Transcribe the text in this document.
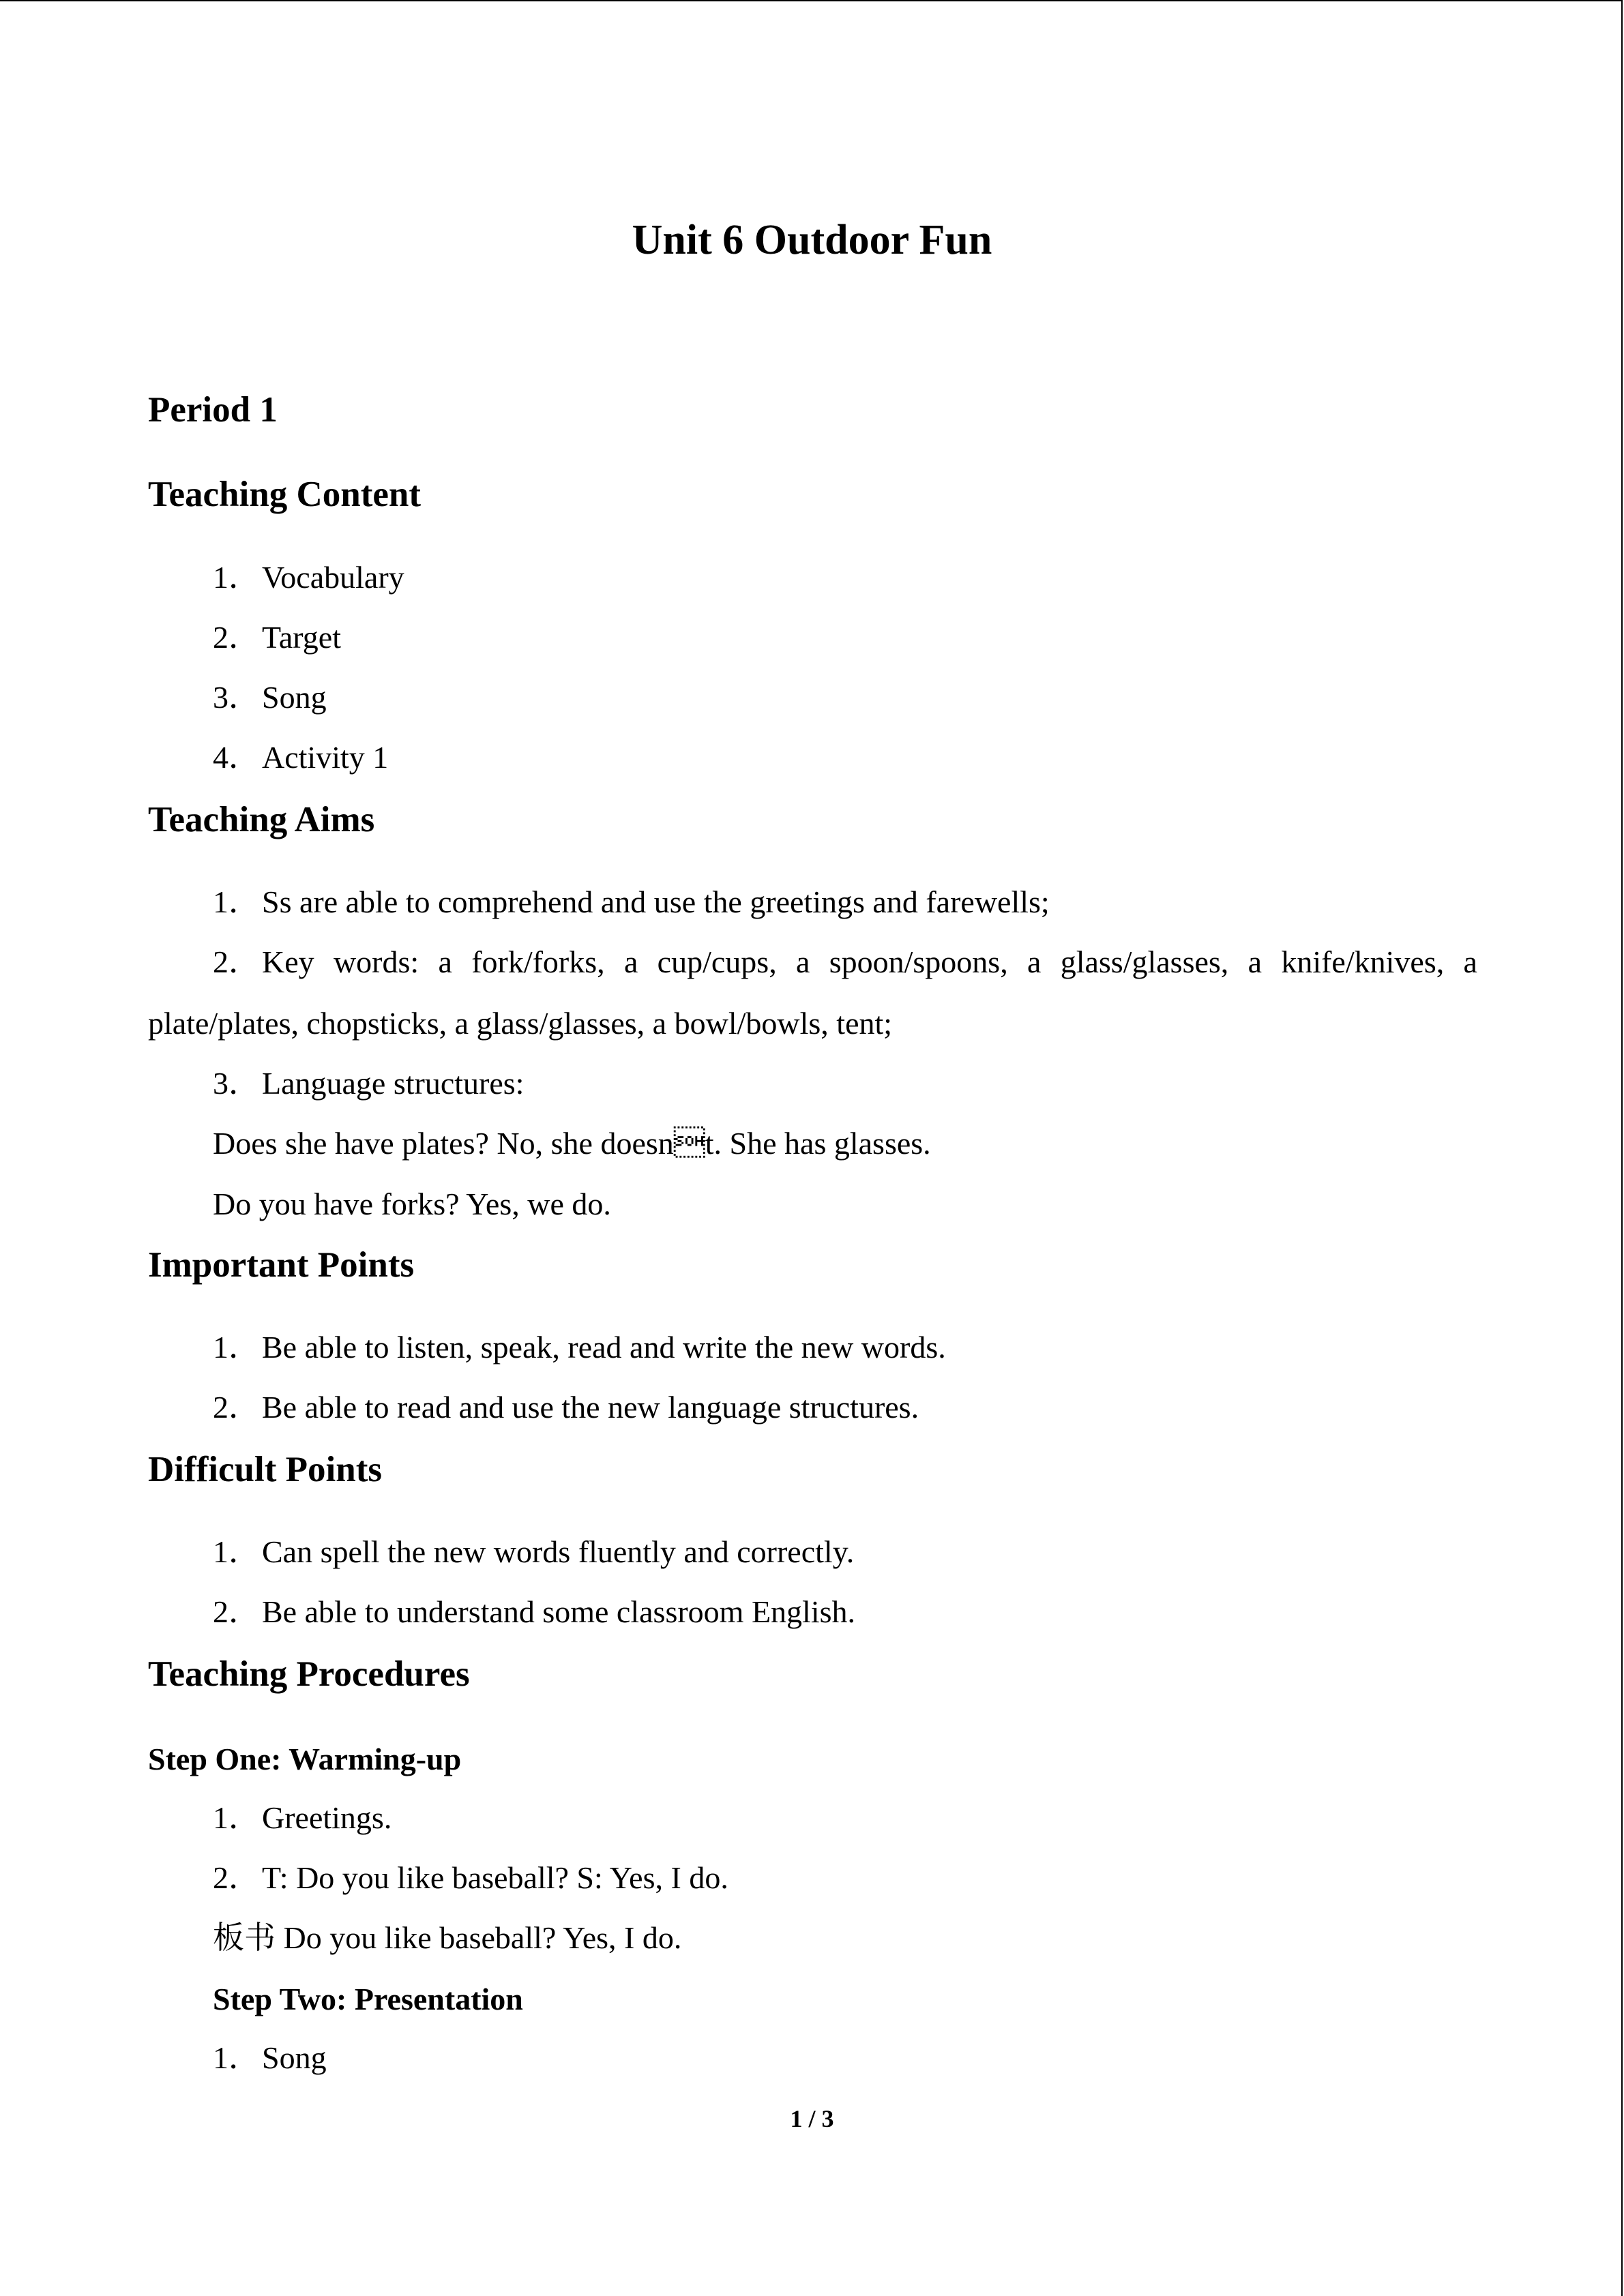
Unit 6 Outdoor Fun
Period 1
Teaching Content
1．Vocabulary
2．Target
3．Song
4．Activity 1
Teaching Aims
1．Ss are able to comprehend and use the greetings and farewells;
2．Key words: a fork/forks, a cup/cups, a spoon/spoons, a glass/glasses, a knife/knives, a
plate/plates, chopsticks, a glass/glasses, a bowl/bowls, tent;
3．Language structures:
Does she have plates? No, she doesnt. She has glasses.
Do you have forks? Yes, we do.
Important Points
1．Be able to listen, speak, read and write the new words.
2．Be able to read and use the new language structures.
Difficult Points
1．Can spell the new words fluently and correctly.
2．Be able to understand some classroom English.
Teaching Procedures
Step One: Warming-up
1．Greetings.
2．T: Do you like baseball? S: Yes, I do.
板书 Do you like baseball? Yes, I do.
Step Two: Presentation
1．Song
1 / 3
